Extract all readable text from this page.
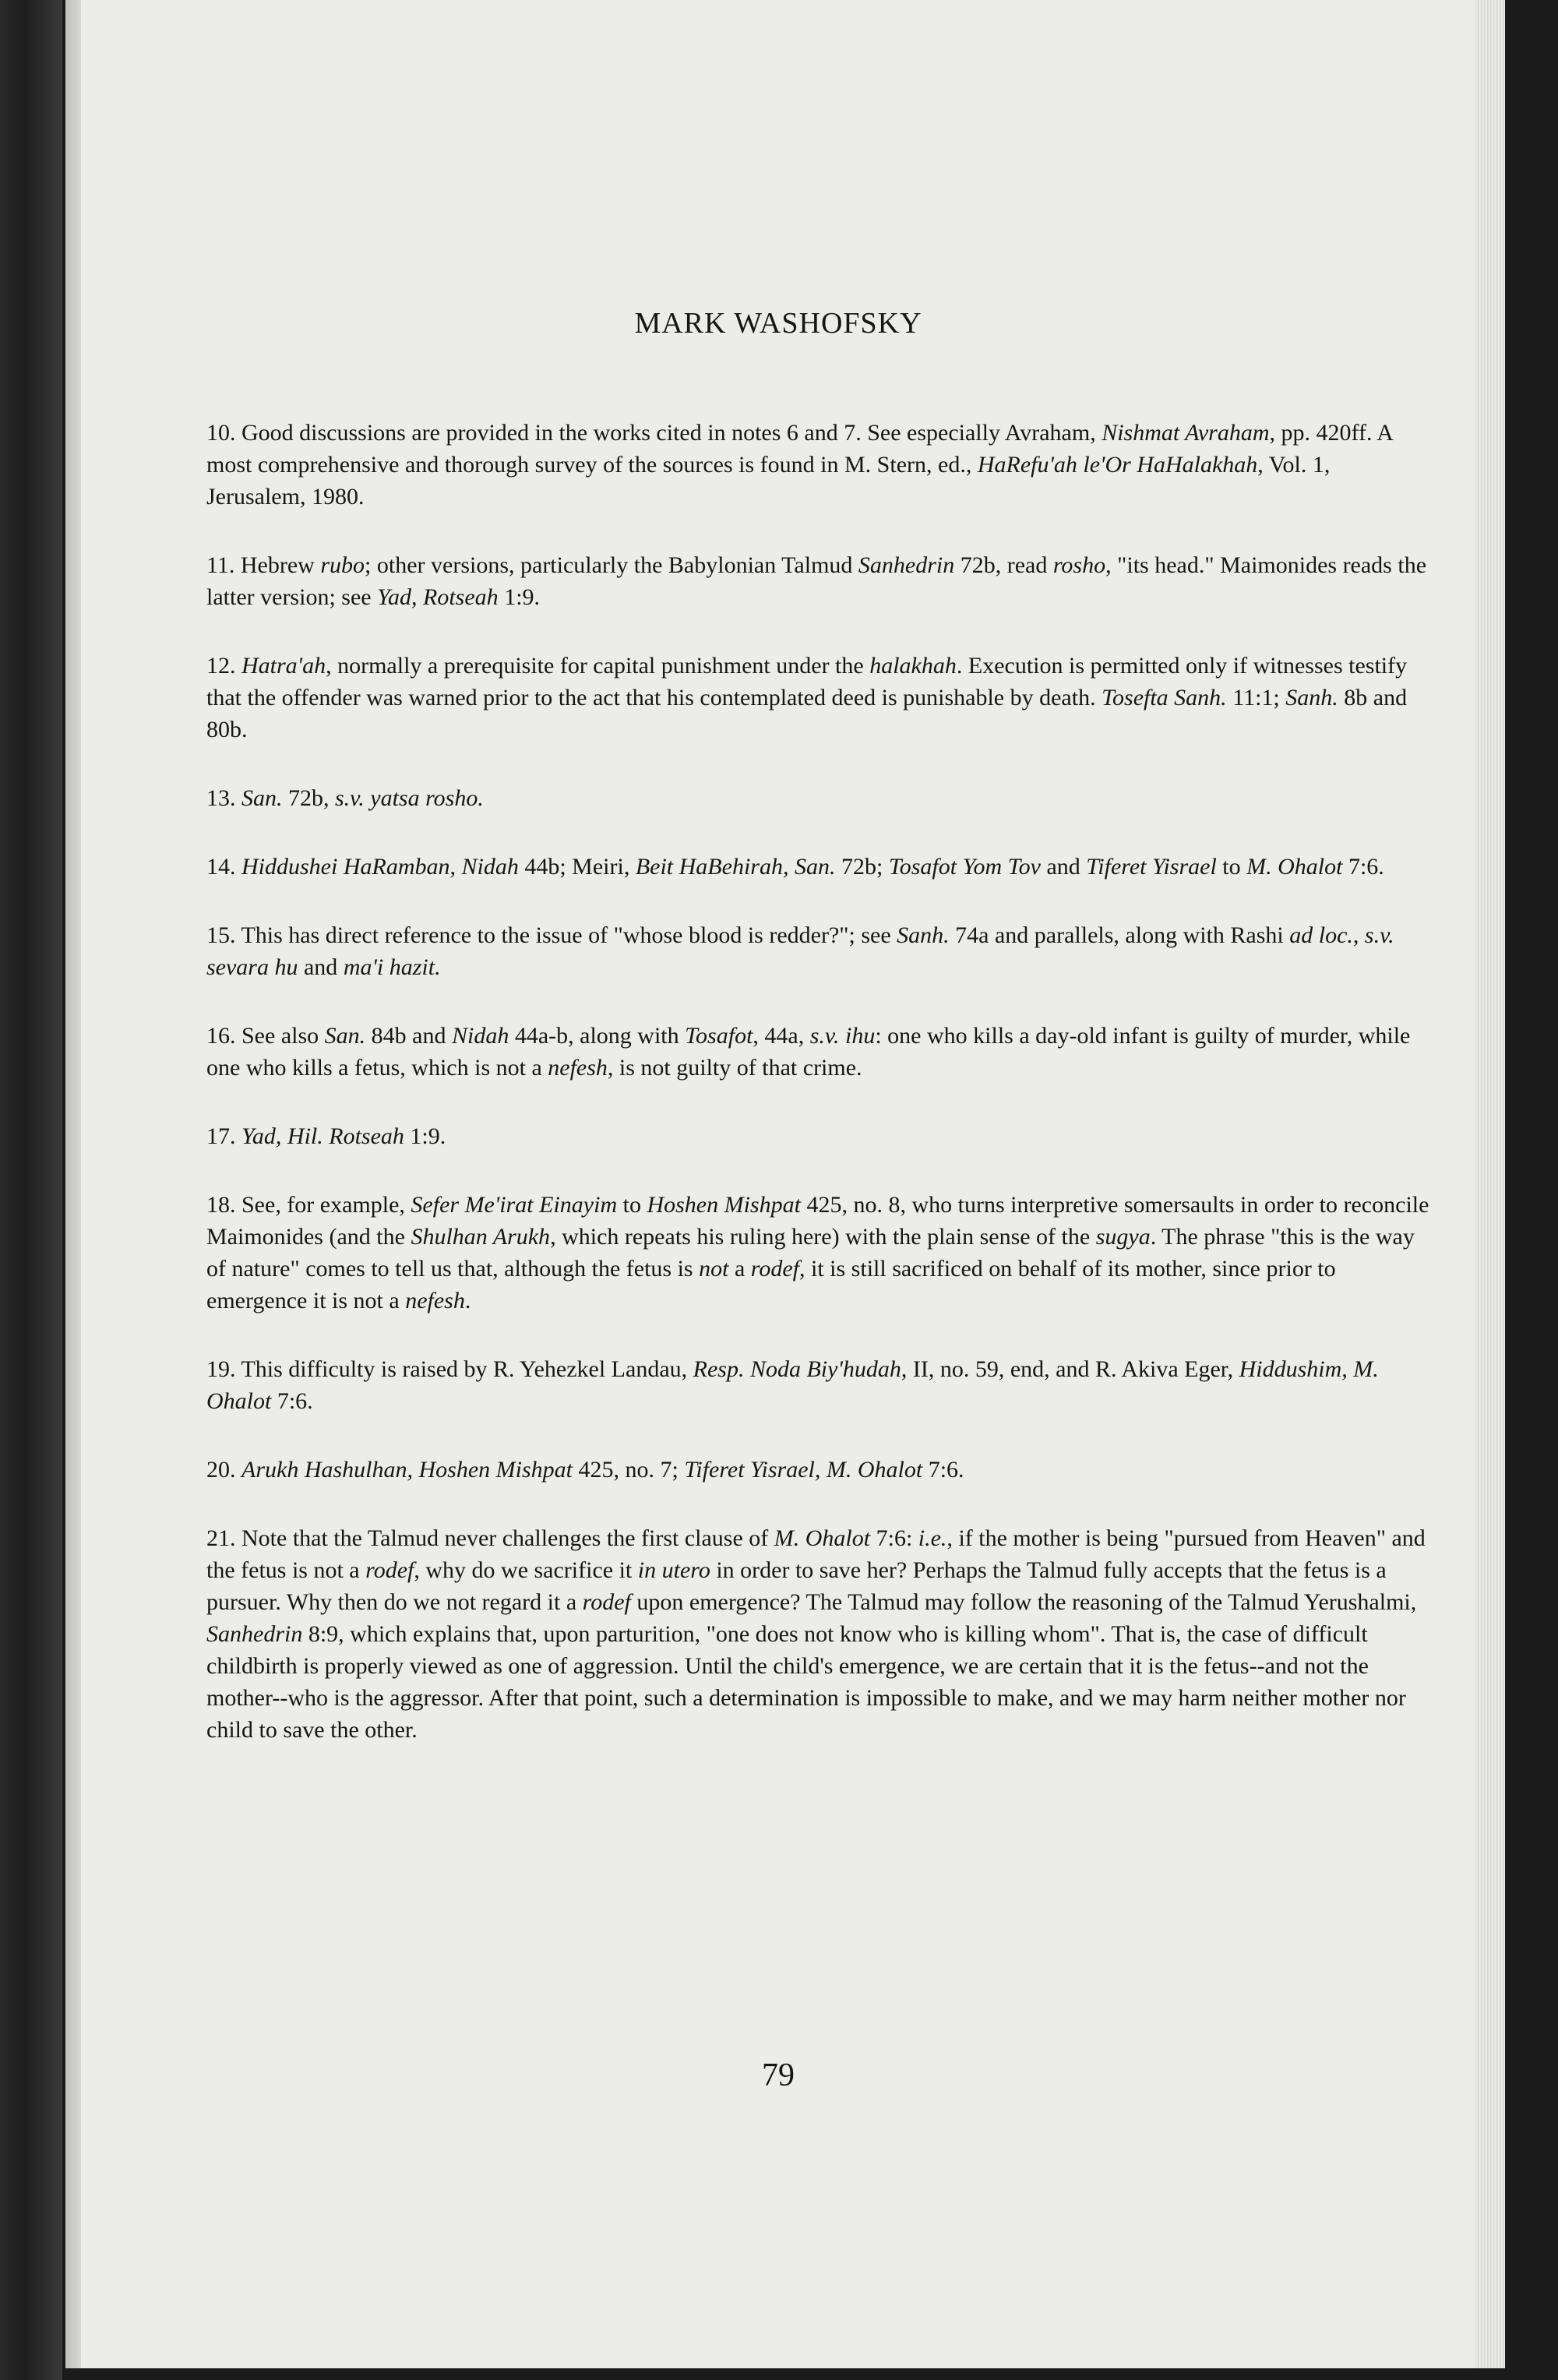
MARK WASHOFSKY

10. Good discussions are provided in the works cited in notes 6 and 7. See especially Avraham, Nishmat Avraham, pp. 420ff. A most comprehensive and thorough survey of the sources is found in M. Stern, ed., HaRefu'ah le'Or HaHalakhah, Vol. 1, Jerusalem, 1980.

11. Hebrew rubo; other versions, particularly the Babylonian Talmud Sanhedrin 72b, read rosho, "its head." Maimonides reads the latter version; see Yad, Rotseah 1:9.

12. Hatra'ah, normally a prerequisite for capital punishment under the halakhah. Execution is permitted only if witnesses testify that the offender was warned prior to the act that his contemplated deed is punishable by death. Tosefta Sanh. 11:1; Sanh. 8b and 80b.

13. San. 72b, s.v. yatsa rosho.

14. Hiddushei HaRamban, Nidah 44b; Meiri, Beit HaBehirah, San. 72b; Tosafot Yom Tov and Tiferet Yisrael to M. Ohalot 7:6.

15. This has direct reference to the issue of "whose blood is redder?"; see Sanh. 74a and parallels, along with Rashi ad loc., s.v. sevara hu and ma'i hazit.

16. See also San. 84b and Nidah 44a-b, along with Tosafot, 44a, s.v. ihu: one who kills a day-old infant is guilty of murder, while one who kills a fetus, which is not a nefesh, is not guilty of that crime.

17. Yad, Hil. Rotseah 1:9.

18. See, for example, Sefer Me'irat Einayim to Hoshen Mishpat 425, no. 8, who turns interpretive somersaults in order to reconcile Maimonides (and the Shulhan Arukh, which repeats his ruling here) with the plain sense of the sugya. The phrase "this is the way of nature" comes to tell us that, although the fetus is not a rodef, it is still sacrificed on behalf of its mother, since prior to emergence it is not a nefesh.

19. This difficulty is raised by R. Yehezkel Landau, Resp. Noda Biy'hudah, II, no. 59, end, and R. Akiva Eger, Hiddushim, M. Ohalot 7:6.

20. Arukh Hashulhan, Hoshen Mishpat 425, no. 7; Tiferet Yisrael, M. Ohalot 7:6.

21. Note that the Talmud never challenges the first clause of M. Ohalot 7:6: i.e., if the mother is being "pursued from Heaven" and the fetus is not a rodef, why do we sacrifice it in utero in order to save her? Perhaps the Talmud fully accepts that the fetus is a pursuer. Why then do we not regard it a rodef upon emergence? The Talmud may follow the reasoning of the Talmud Yerushalmi, Sanhedrin 8:9, which explains that, upon parturition, "one does not know who is killing whom". That is, the case of difficult childbirth is properly viewed as one of aggression. Until the child's emergence, we are certain that it is the fetus--and not the mother--who is the aggressor. After that point, such a determination is impossible to make, and we may harm neither mother nor child to save the other.

79
